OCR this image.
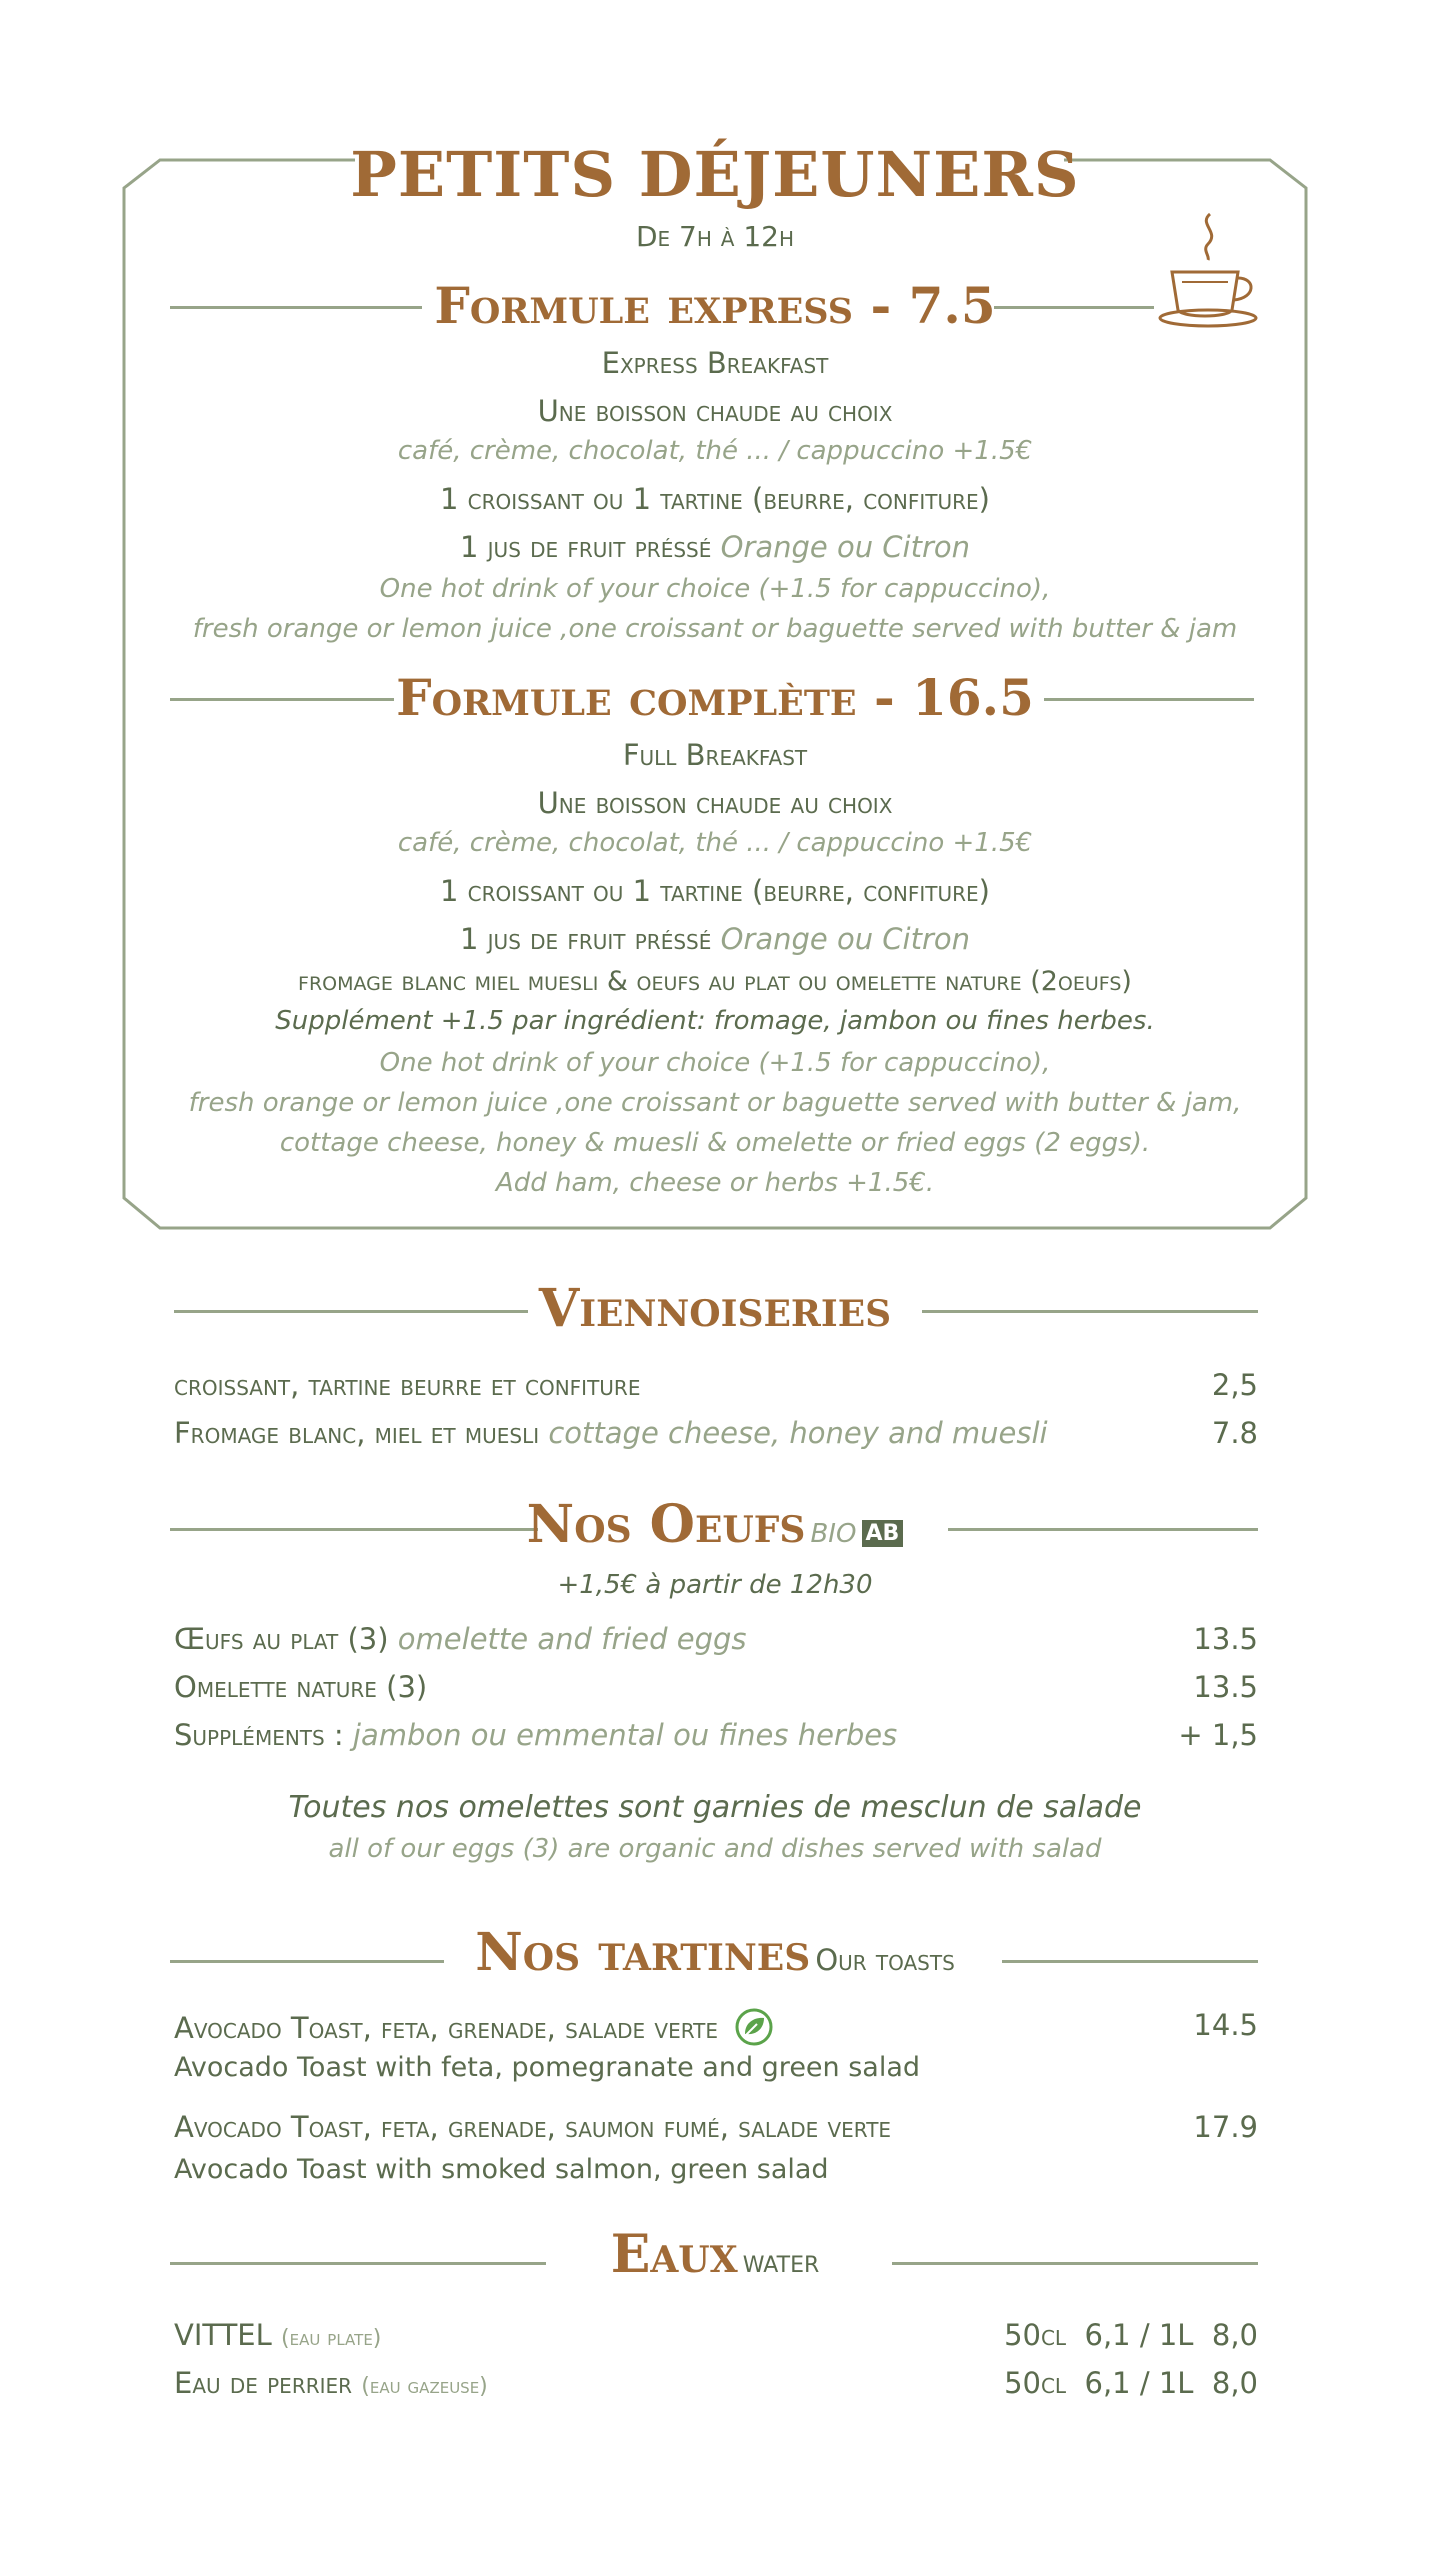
PETITS DÉJEUNERS
De 7h à 12h
Formule express - 7.5
Express Breakfast
Une boisson chaude au choix
café, crème, chocolat, thé ... / cappuccino +1.5€
1 croissant ou 1 tartine (beurre, confiture)
1 jus de fruit préssé Orange ou Citron
One hot drink of your choice (+1.5 for cappuccino),
fresh orange or lemon juice ,one croissant or baguette served with butter & jam
Formule complète - 16.5
Full Breakfast
Une boisson chaude au choix
café, crème, chocolat, thé ... / cappuccino +1.5€
1 croissant ou 1 tartine (beurre, confiture)
1 jus de fruit préssé Orange ou Citron
fromage blanc miel muesli & oeufs au plat ou omelette nature (2oeufs)
Supplément +1.5 par ingrédient: fromage, jambon ou fines herbes.
One hot drink of your choice (+1.5 for cappuccino),
fresh orange or lemon juice ,one croissant or baguette served with butter & jam,
cottage cheese, honey & muesli & omelette or fried eggs (2 eggs).
Add ham, cheese or herbs +1.5€.
Viennoiseries
croissant, tartine beurre et confiture	2,5
Fromage blanc, miel et muesli cottage cheese, honey and muesli	7.8
Nos Oeufs BIO AB
+1,5€ à partir de 12h30
Œufs au plat (3) omelette and fried eggs	13.5
Omelette nature (3)	13.5
Suppléments : jambon ou emmental ou fines herbes	+ 1,5
Toutes nos omelettes sont garnies de mesclun de salade
all of our eggs (3) are organic and dishes served with salad
Nos tartines Our toasts
Avocado Toast, feta, grenade, salade verte	14.5
Avocado Toast with feta, pomegranate and green salad
Avocado Toast, feta, grenade, saumon fumé, salade verte	17.9
Avocado Toast with smoked salmon, green salad
Eaux water
VITTEL (eau plate)	50cl  6,1 / 1L  8,0
Eau de perrier (eau gazeuse)	50cl  6,1 / 1L  8,0
